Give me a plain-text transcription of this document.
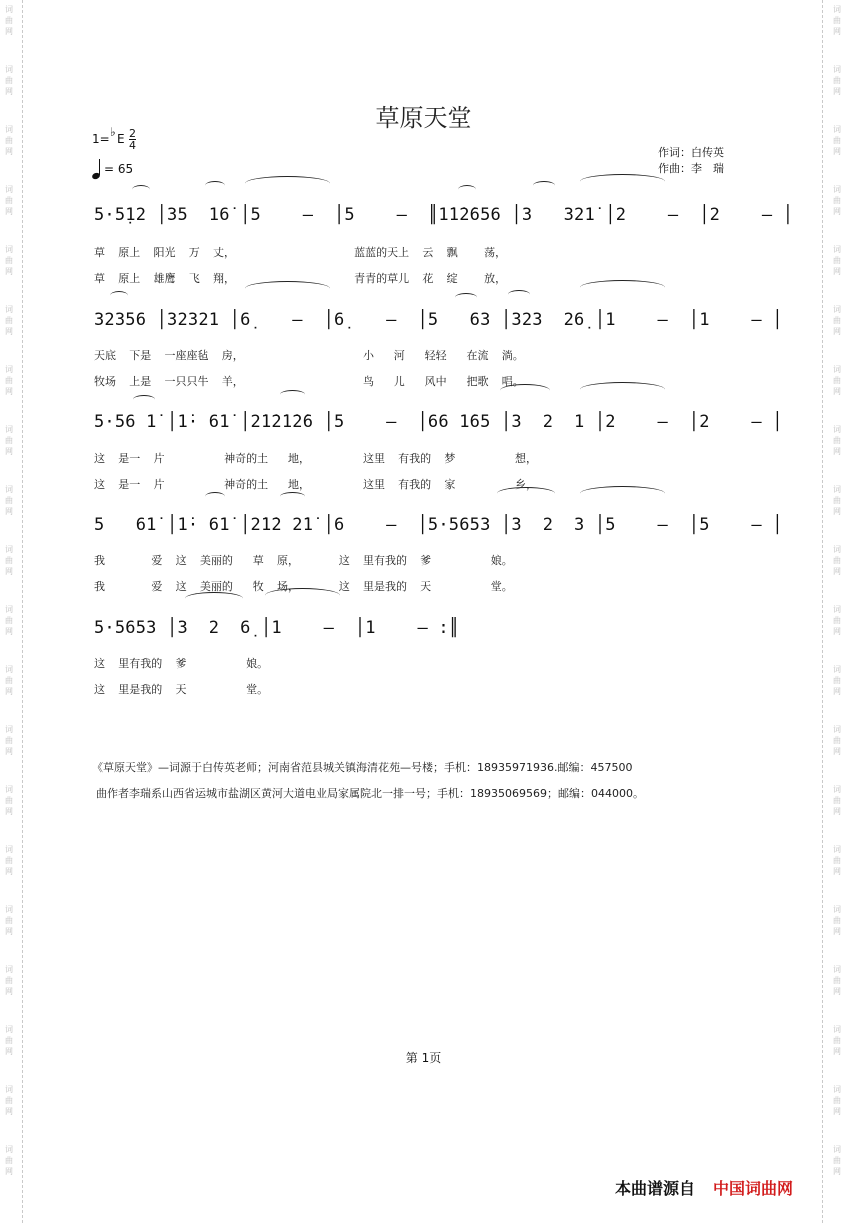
词
曲
网
词
曲
网
词
曲
网
词
曲
网
词
曲
网
词
曲
网
词
曲
网
词
曲
网
词
曲
网
词
曲
网
词
曲
网
词
曲
网
词
曲
网
词
曲
网
词
曲
网
词
曲
网
词
曲
网
词
曲
网
词
曲
网
词
曲
网
词
曲
网
词
曲
网
词
曲
网
词
曲
网
词
曲
网
词
曲
网
词
曲
网
词
曲
网
词
曲
网
词
曲
网
词
曲
网
词
曲
网
词
曲
网
词
曲
网
词
曲
网
词
曲
网
词
曲
网
词
曲
网
词
曲
网
词
曲
网
草原天堂
1= ♭ E $\frac{2}{4}$
= 65
作词：白传英
作曲：李　瑞
5·5̣12 │35  16̇ │5    –  │5    –  ║1̇1̇2̇656 │3   321̇ │2    –  │2    – │
草  原上  阳光  万  丈，                  蓝蓝的天上  云  飘    荡，
草  原上  雄鹰  飞  翔，                  青青的草儿  花  绽    放，
32356 │32321 │6̣    –  │6̣    –  │5   63 │323  26̣ │1    –  │1    – │
天底  下是  一座座毡  房，                  小   河   轻轻   在流  淌。
牧场  上是  一只只牛  羊，                  鸟   儿   风中   把歌  唱。
5·56 1̇ │1̇· 61̇ │2̇1̇2̇1̇2̇6 │5    –  │66 1̇65 │3  2  1 │2    –  │2    – │
这  是一  片         神奇的土   地，        这里  有我的  梦         想，
这  是一  片         神奇的土   地，        这里  有我的  家         乡，
5   61̇ │1̇· 61̇ │2̇1̇2 2̇1̇ │6    –  │5·5653 │3  2  3 │5    –  │5    – │
我       爱  这  美丽的   草  原，      这  里有我的  爹         娘。
我       爱  这  美丽的   牧  场，      这  里是我的  天         堂。
5·5653 │3  2  6̣ │1    –  │1    – :║
这  里有我的  爹         娘。
这  里是我的  天         堂。
《草原天堂》—词源于白传英老师；河南省范县城关镇海清花苑—号楼；手机：18935971936.邮编：457500
曲作者李瑞系山西省运城市盐湖区黄河大道电业局家属院北一排一号；手机：18935069569；邮编：044000。
第 1页
本曲谱源自 中国词曲网
